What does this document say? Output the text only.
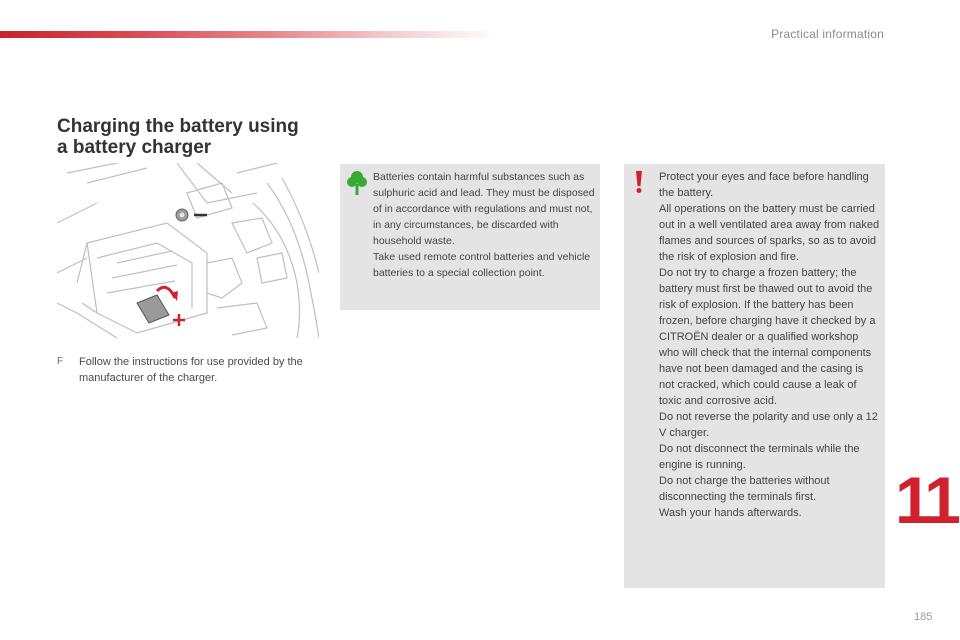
Practical information
Charging the battery using
a battery charger
F	Follow the instructions for use provided by the manufacturer of the charger.
Batteries contain harmful substances such as sulphuric acid and lead. They must be disposed of in accordance with regulations and must not, in any circumstances, be discarded with household waste.
Take used remote control batteries and vehicle batteries to a special collection point.
Protect your eyes and face before handling the battery.
All operations on the battery must be carried out in a well ventilated area away from naked flames and sources of sparks, so as to avoid the risk of explosion and fire.
Do not try to charge a frozen battery; the battery must first be thawed out to avoid the risk of explosion. If the battery has been frozen, before charging have it checked by a CITROËN dealer or a qualified workshop who will check that the internal components have not been damaged and the casing is not cracked, which could cause a leak of toxic and corrosive acid.
Do not reverse the polarity and use only a 12 V charger.
Do not disconnect the terminals while the engine is running.
Do not charge the batteries without disconnecting the terminals first.
Wash your hands afterwards.	11
185
